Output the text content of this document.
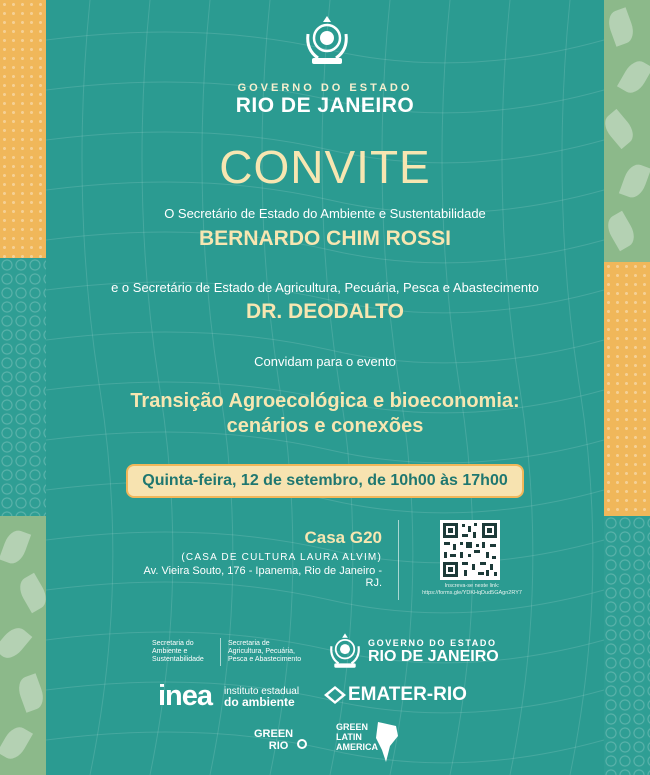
GOVERNO DO ESTADO
RIO DE JANEIRO
CONVITE
O Secretário de Estado do Ambiente e Sustentabilidade
BERNARDO CHIM ROSSI
e o Secretário de Estado de Agricultura, Pecuária, Pesca e Abastecimento
DR. DEODALTO
Convidam para o evento
Transição Agroecológica e bioeconomia:
cenários e conexões
Quinta-feira, 12 de setembro, de 10h00 às 17h00
Casa G20
(CASA DE CULTURA LAURA ALVIM)
Av. Vieira Souto, 176 - Ipanema, Rio de Janeiro - RJ.	Inscreva-se neste link:
https://forms.gle/YDKHqDud5GAgn2RY7
Secretaria do
Ambiente e
Sustentabilidade
Secretaria de
Agricultura, Pecuária,
Pesca e Abastecimento
GOVERNO DO ESTADO
RIO DE JANEIRO
inea instituto estadual
do ambiente	EMATER-RIO
GREEN
RIO
GREEN
LATIN
AMERICA
